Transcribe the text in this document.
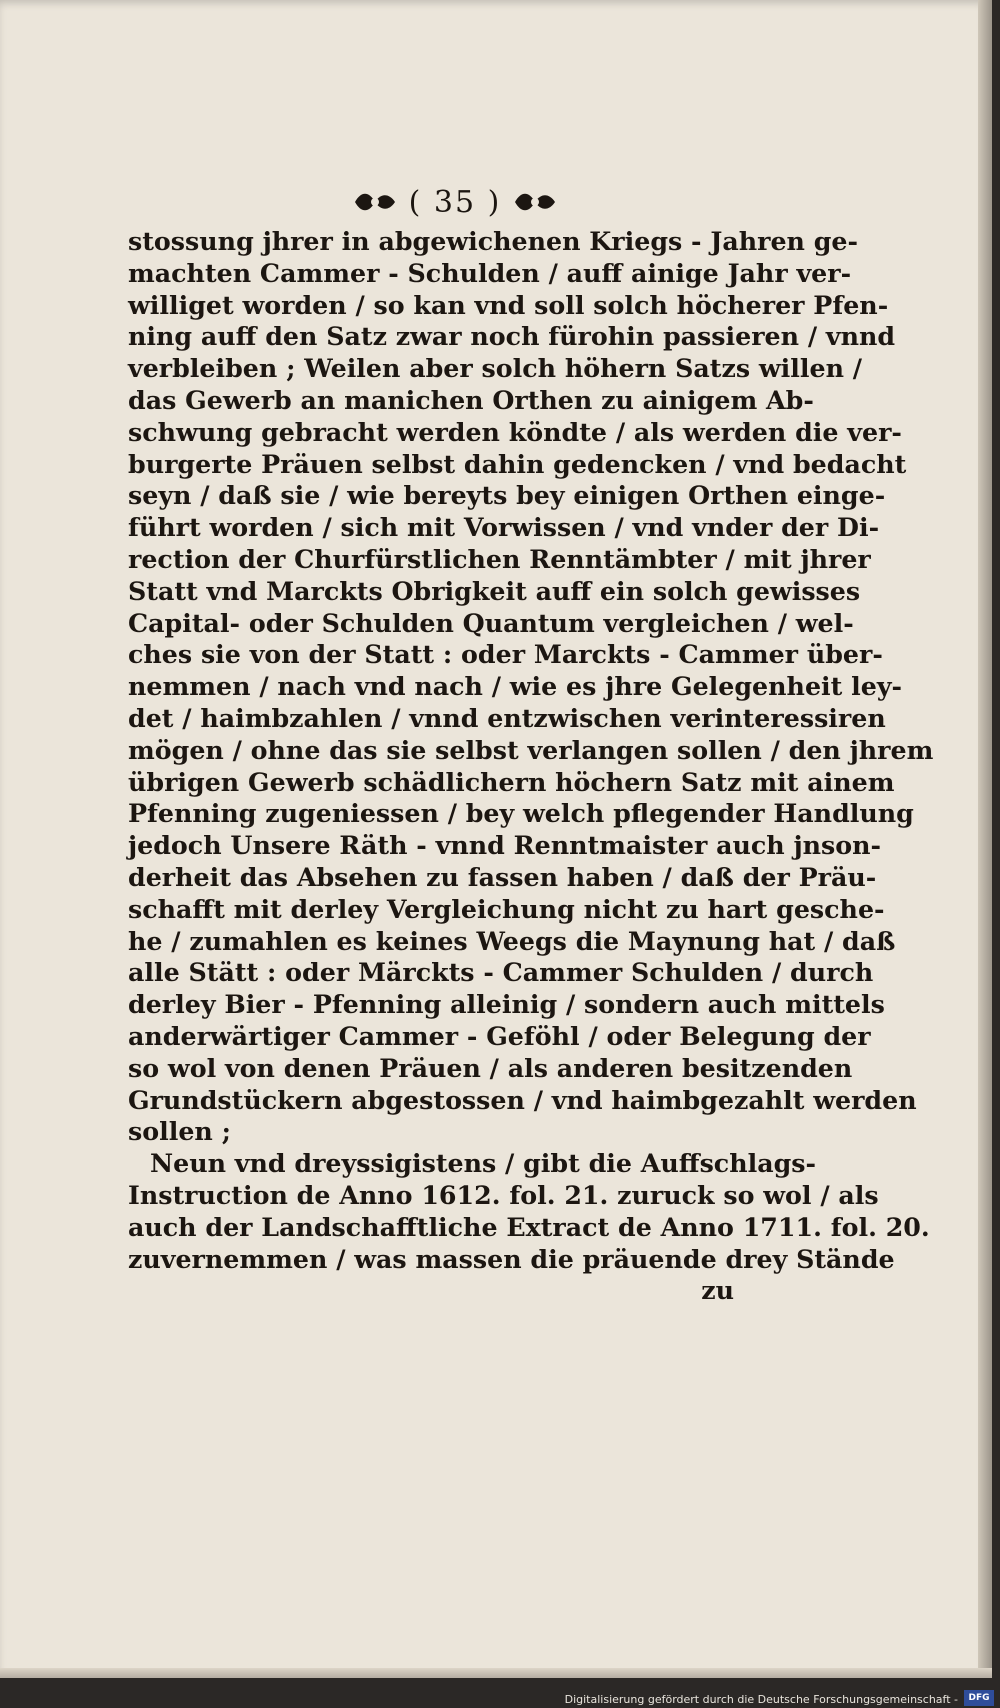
( 35 )
stossung jhrer in abgewichenen Kriegs - Jahren ge-
machten Cammer - Schulden / auff ainige Jahr ver-
williget worden / so kan vnd soll solch höcherer Pfen-
ning auff den Satz zwar noch fürohin passieren / vnnd
verbleiben ; Weilen aber solch höhern Satzs willen /
das Gewerb an manichen Orthen zu ainigem Ab-
schwung gebracht werden köndte / als werden die ver-
burgerte Präuen selbst dahin gedencken / vnd bedacht
seyn / daß sie / wie bereyts bey einigen Orthen einge-
führt worden / sich mit Vorwissen / vnd vnder der Di-
rection der Churfürstlichen Renntämbter / mit jhrer
Statt vnd Marckts Obrigkeit auff ein solch gewisses
Capital- oder Schulden Quantum vergleichen / wel-
ches sie von der Statt : oder Marckts - Cammer über-
nemmen / nach vnd nach / wie es jhre Gelegenheit ley-
det / haimbzahlen / vnnd entzwischen verinteressiren
mögen / ohne das sie selbst verlangen sollen / den jhrem
übrigen Gewerb schädlichern höchern Satz mit ainem
Pfenning zugeniessen / bey welch pflegender Handlung
jedoch Unsere Räth - vnnd Renntmaister auch jnson-
derheit das Absehen zu fassen haben / daß der Präu-
schafft mit derley Vergleichung nicht zu hart gesche-
he / zumahlen es keines Weegs die Maynung hat / daß
alle Stätt : oder Märckts - Cammer Schulden / durch
derley Bier - Pfenning alleinig / sondern auch mittels
anderwärtiger Cammer - Geföhl / oder Belegung der
so wol von denen Präuen / als anderen besitzenden
Grundstückern abgestossen / vnd haimbgezahlt werden
sollen ;
Neun vnd dreyssigistens / gibt die Auffschlags-
Instruction de Anno 1612. fol. 21. zuruck so wol / als
auch der Landschafftliche Extract de Anno 1711. fol. 20.
zuvernemmen / was massen die präuende drey Stände
zu
Digitalisierung gefördert durch die Deutsche Forschungsgemeinschaft -	DFG
